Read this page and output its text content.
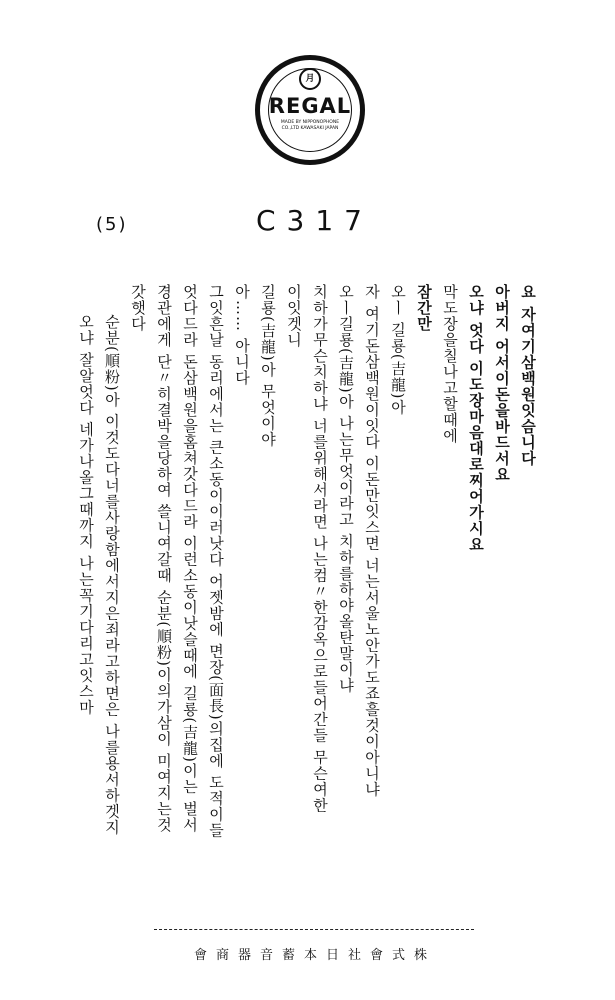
月
REGAL
MADE BY NIPPONOPHONE CO.,LTD KAWASAKI JAPAN
(5)	C317
요 자여기삼백원잇슴니다
아버지 어서이돈을바드서요
오냐 엇다 이도장마음대로찌어가시요
막도장을칠나고할때에
잠간만
오ㅣ 길룡(吉龍)아
자 여기돈삼백원이잇다 이돈만잇스면 너는서울노안가도죠흘것이아니냐
오ㅣ길룡(吉龍)아 나는무엇이라고 치하를하야올탄말이냐
치하가무슨치하냐 너를위해서라면 나는컴〃한감옥으로들어간들 무슨여한
이잇겟니
길룡(吉龍)아 무엇이야
아…… 아니다
그잇흔날 동리에서는 큰소동이이러낫다 어젯밤에 면장(面長)의집에 도적이들
엇다드라 돈삼백원을홈쳐갓다드라 이런소동이낫슬때에 길룡(吉龍)이는 벌서
경관에게 단〃히결박을당하여 쓸니여갈때 순분(順粉)이의가삼이 미여지는것
갓햇다
순분(順粉)아 이것도다너를사랑함에서지은죄라고하면은 나를용서하겟지
오냐 잘알엇다 네가나올그때까지 나는꼭기다리고잇스마
會商器音蓄本日社會式株
